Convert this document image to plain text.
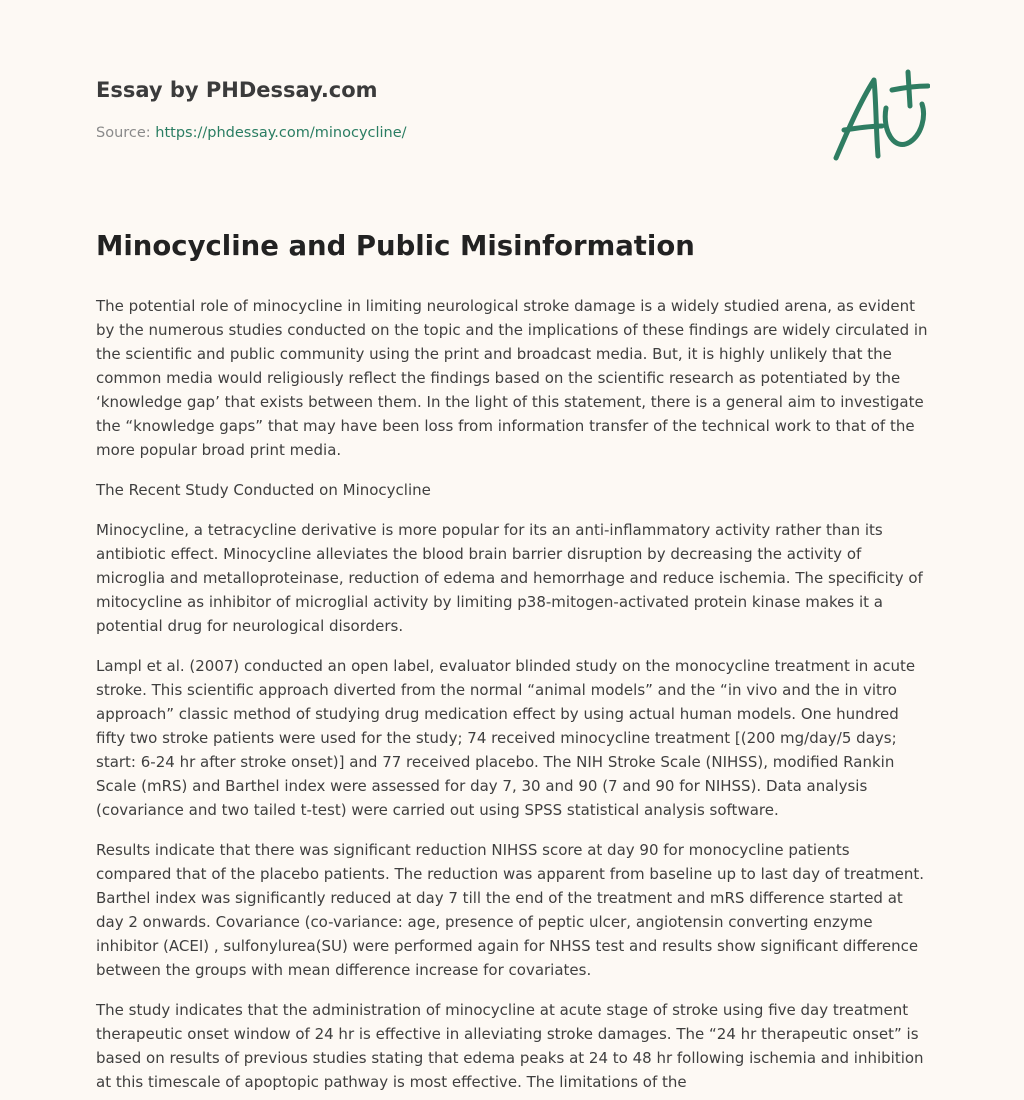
Essay by PHDessay.com
Source: https://phdessay.com/minocycline/
Minocycline and Public Misinformation

The potential role of minocycline in limiting neurological stroke damage is a widely studied arena, as evident by the numerous studies conducted on the topic and the implications of these findings are widely circulated in the scientific and public community using the print and broadcast media. But, it is highly unlikely that the common media would religiously reflect the findings based on the scientific research as potentiated by the ‘knowledge gap’ that exists between them. In the light of this statement, there is a general aim to investigate the “knowledge gaps” that may have been loss from information transfer of the technical work to that of the more popular broad print media.

The Recent Study Conducted on Minocycline

Minocycline, a tetracycline derivative is more popular for its an anti-inflammatory activity rather than its antibiotic effect. Minocycline alleviates the blood brain barrier disruption by decreasing the activity of microglia and metalloproteinase, reduction of edema and hemorrhage and reduce ischemia. The specificity of mitocycline as inhibitor of microglial activity by limiting p38-mitogen-activated protein kinase makes it a potential drug for neurological disorders.

Lampl et al. (2007) conducted an open label, evaluator blinded study on the monocycline treatment in acute stroke. This scientific approach diverted from the normal “animal models” and the “in vivo and the in vitro approach” classic method of studying drug medication effect by using actual human models. One hundred fifty two stroke patients were used for the study; 74 received minocycline treatment [(200 mg/day/5 days; start: 6-24 hr after stroke onset)] and 77 received placebo. The NIH Stroke Scale (NIHSS), modified Rankin Scale (mRS) and Barthel index were assessed for day 7, 30 and 90 (7 and 90 for NIHSS). Data analysis (covariance and two tailed t-test) were carried out using SPSS statistical analysis software.

Results indicate that there was significant reduction NIHSS score at day 90 for monocycline patients compared that of the placebo patients. The reduction was apparent from baseline up to last day of treatment. Barthel index was significantly reduced at day 7 till the end of the treatment and mRS difference started at day 2 onwards. Covariance (co-variance: age, presence of peptic ulcer, angiotensin converting enzyme inhibitor (ACEI) , sulfonylurea(SU) were performed again for NHSS test and results show significant difference between the groups with mean difference increase for covariates.

The study indicates that the administration of minocycline at acute stage of stroke using five day treatment therapeutic onset window of 24 hr is effective in alleviating stroke damages. The “24 hr therapeutic onset” is based on results of previous studies stating that edema peaks at 24 to 48 hr following ischemia and inhibition at this timescale of apoptopic pathway is most effective. The limitations of the
